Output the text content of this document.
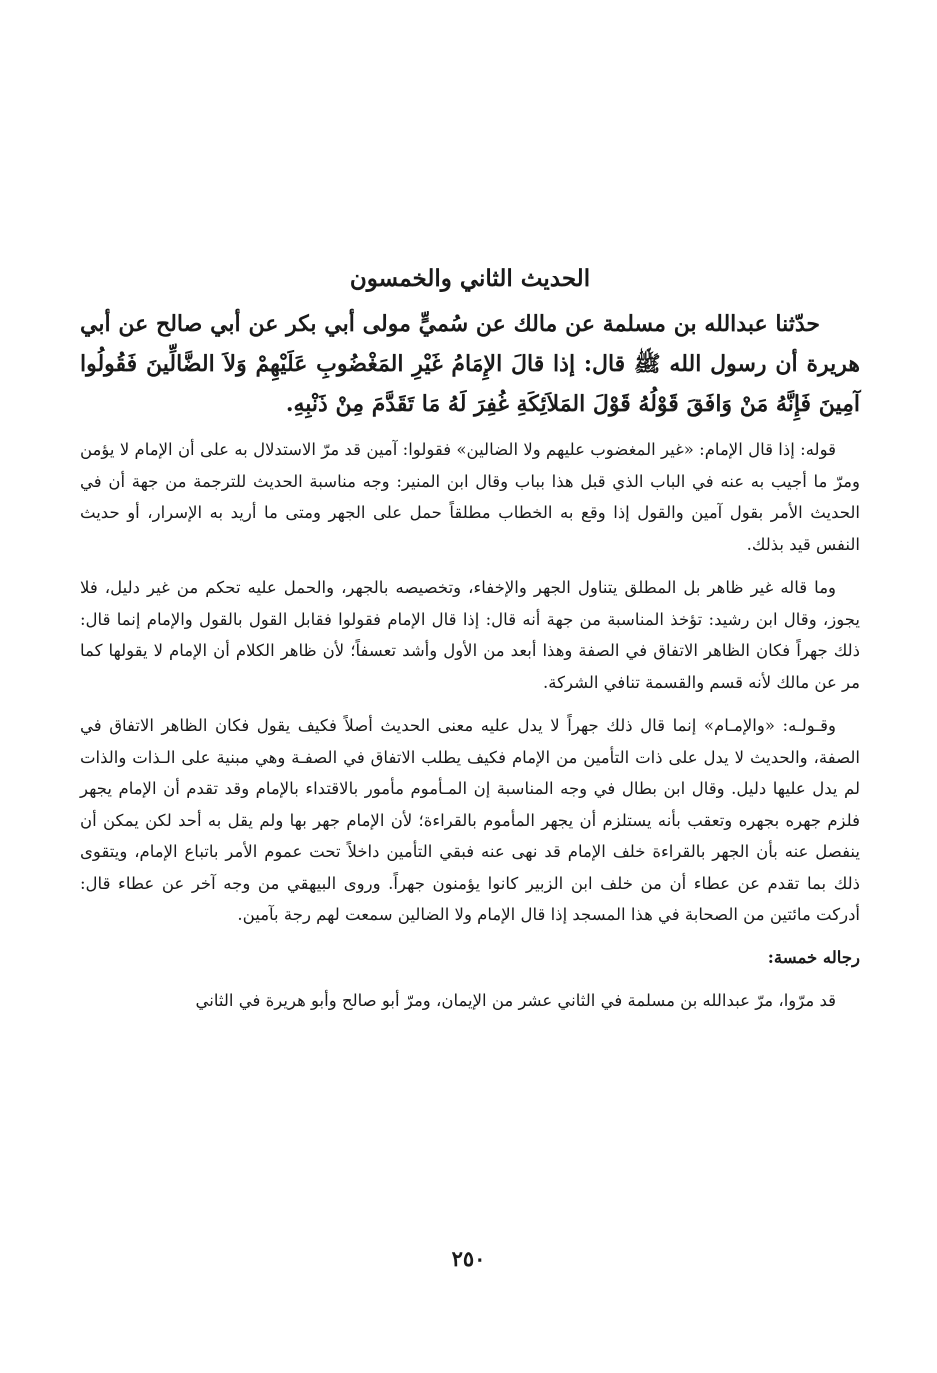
الحديث الثاني والخمسون

حدّثنا عبدالله بن مسلمة عن مالك عن سُميٍّ مولى أبي بكر عن أبي صالح عن أبي هريرة أن رسول الله ﷺ قال: إذا قالَ الإِمَامُ غَيْرِ المَغْضُوبِ عَلَيْهِمْ وَلاَ الضَّالِّينَ فَقُولُوا آمِينَ فَإِنَّهُ مَنْ وَافَقَ قَوْلُهُ قَوْلَ المَلاَئِكَةِ غُفِرَ لَهُ مَا تَقَدَّمَ مِنْ ذَنْبِهِ.

قوله: إذا قال الإمام: «غير المغضوب عليهم ولا الضالين» فقولوا: آمين قد مرّ الاستدلال به على أن الإمام لا يؤمن ومرّ ما أجيب به عنه في الباب الذي قبل هذا بباب وقال ابن المنير: وجه مناسبة الحديث للترجمة من جهة أن في الحديث الأمر بقول آمين والقول إذا وقع به الخطاب مطلقاً حمل على الجهر ومتى ما أريد به الإسرار، أو حديث النفس قيد بذلك.

وما قاله غير ظاهر بل المطلق يتناول الجهر والإخفاء، وتخصيصه بالجهر، والحمل عليه تحكم من غير دليل، فلا يجوز، وقال ابن رشيد: تؤخذ المناسبة من جهة أنه قال: إذا قال الإمام فقولوا فقابل القول بالقول والإمام إنما قال: ذلك جهراً فكان الظاهر الاتفاق في الصفة وهذا أبعد من الأول وأشد تعسفاً؛ لأن ظاهر الكلام أن الإمام لا يقولها كما مر عن مالك لأنه قسم والقسمة تنافي الشركة.

وقـولـه: «والإمـام» إنما قال ذلك جهراً لا يدل عليه معنى الحديث أصلاً فكيف يقول فكان الظاهر الاتفاق في الصفة، والحديث لا يدل على ذات التأمين من الإمام فكيف يطلب الاتفاق في الصفـة وهي مبنية على الـذات والذات لم يدل عليها دليل. وقال ابن بطال في وجه المناسبة إن المـأموم مأمور بالاقتداء بالإمام وقد تقدم أن الإمام يجهر فلزم جهره بجهره وتعقب بأنه يستلزم أن يجهر المأموم بالقراءة؛ لأن الإمام جهر بها ولم يقل به أحد لكن يمكن أن ينفصل عنه بأن الجهر بالقراءة خلف الإمام قد نهى عنه فبقي التأمين داخلاً تحت عموم الأمر باتباع الإمام، ويتقوى ذلك بما تقدم عن عطاء أن من خلف ابن الزبير كانوا يؤمنون جهراً. وروى البيهقي من وجه آخر عن عطاء قال: أدركت مائتين من الصحابة في هذا المسجد إذا قال الإمام ولا الضالين سمعت لهم رجة بآمين.

رجاله خمسة:

قد مرّوا، مرّ عبدالله بن مسلمة في الثاني عشر من الإيمان، ومرّ أبو صالح وأبو هريرة في الثاني

٢٥٠
